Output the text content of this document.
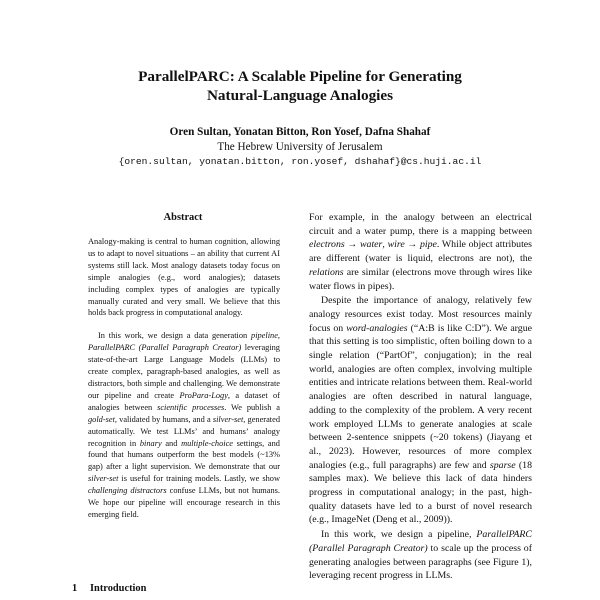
ParallelPARC: A Scalable Pipeline for Generating
Natural-Language Analogies
Oren Sultan, Yonatan Bitton, Ron Yosef, Dafna Shahaf
The Hebrew University of Jerusalem
{oren.sultan, yonatan.bitton, ron.yosef, dshahaf}@cs.huji.ac.il
Abstract

Analogy-making is central to human cognition, allowing us to adapt to novel situations – an ability that current AI systems still lack. Most analogy datasets today focus on simple analogies (e.g., word analogies); datasets including complex types of analogies are typically manually curated and very small. We believe that this holds back progress in computational analogy.

In this work, we design a data generation pipeline, ParallelPARC (Parallel Paragraph Creator) leveraging state-of-the-art Large Language Models (LLMs) to create complex, paragraph-based analogies, as well as distractors, both simple and challenging. We demonstrate our pipeline and create ProPara-Logy, a dataset of analogies between scientific processes. We publish a gold-set, validated by humans, and a silver-set, generated automatically. We test LLMs’ and humans’ analogy recognition in binary and multiple-choice settings, and found that humans outperform the best models (~13% gap) after a light supervision. We demonstrate that our silver-set is useful for training models. Lastly, we show challenging distractors confuse LLMs, but not humans. We hope our pipeline will encourage research in this emerging field.

1 Introduction

For example, in the analogy between an electrical circuit and a water pump, there is a mapping between electrons → water, wire → pipe. While object attributes are different (water is liquid, electrons are not), the relations are similar (electrons move through wires like water flows in pipes).

Despite the importance of analogy, relatively few analogy resources exist today. Most resources mainly focus on word-analogies (“A:B is like C:D”). We argue that this setting is too simplistic, often boiling down to a single relation (“PartOf”, conjugation); in the real world, analogies are often complex, involving multiple entities and intricate relations between them. Real-world analogies are often described in natural language, adding to the complexity of the problem. A very recent work employed LLMs to generate analogies at scale between 2-sentence snippets (~20 tokens) (Jiayang et al., 2023). However, resources of more complex analogies (e.g., full paragraphs) are few and sparse (18 samples max). We believe this lack of data hinders progress in computational analogy; in the past, high-quality datasets have led to a burst of novel research (e.g., ImageNet (Deng et al., 2009)).

In this work, we design a pipeline, ParallelPARC (Parallel Paragraph Creator) to scale up the process of generating analogies between paragraphs (see Figure 1), leveraging recent progress in LLMs.
